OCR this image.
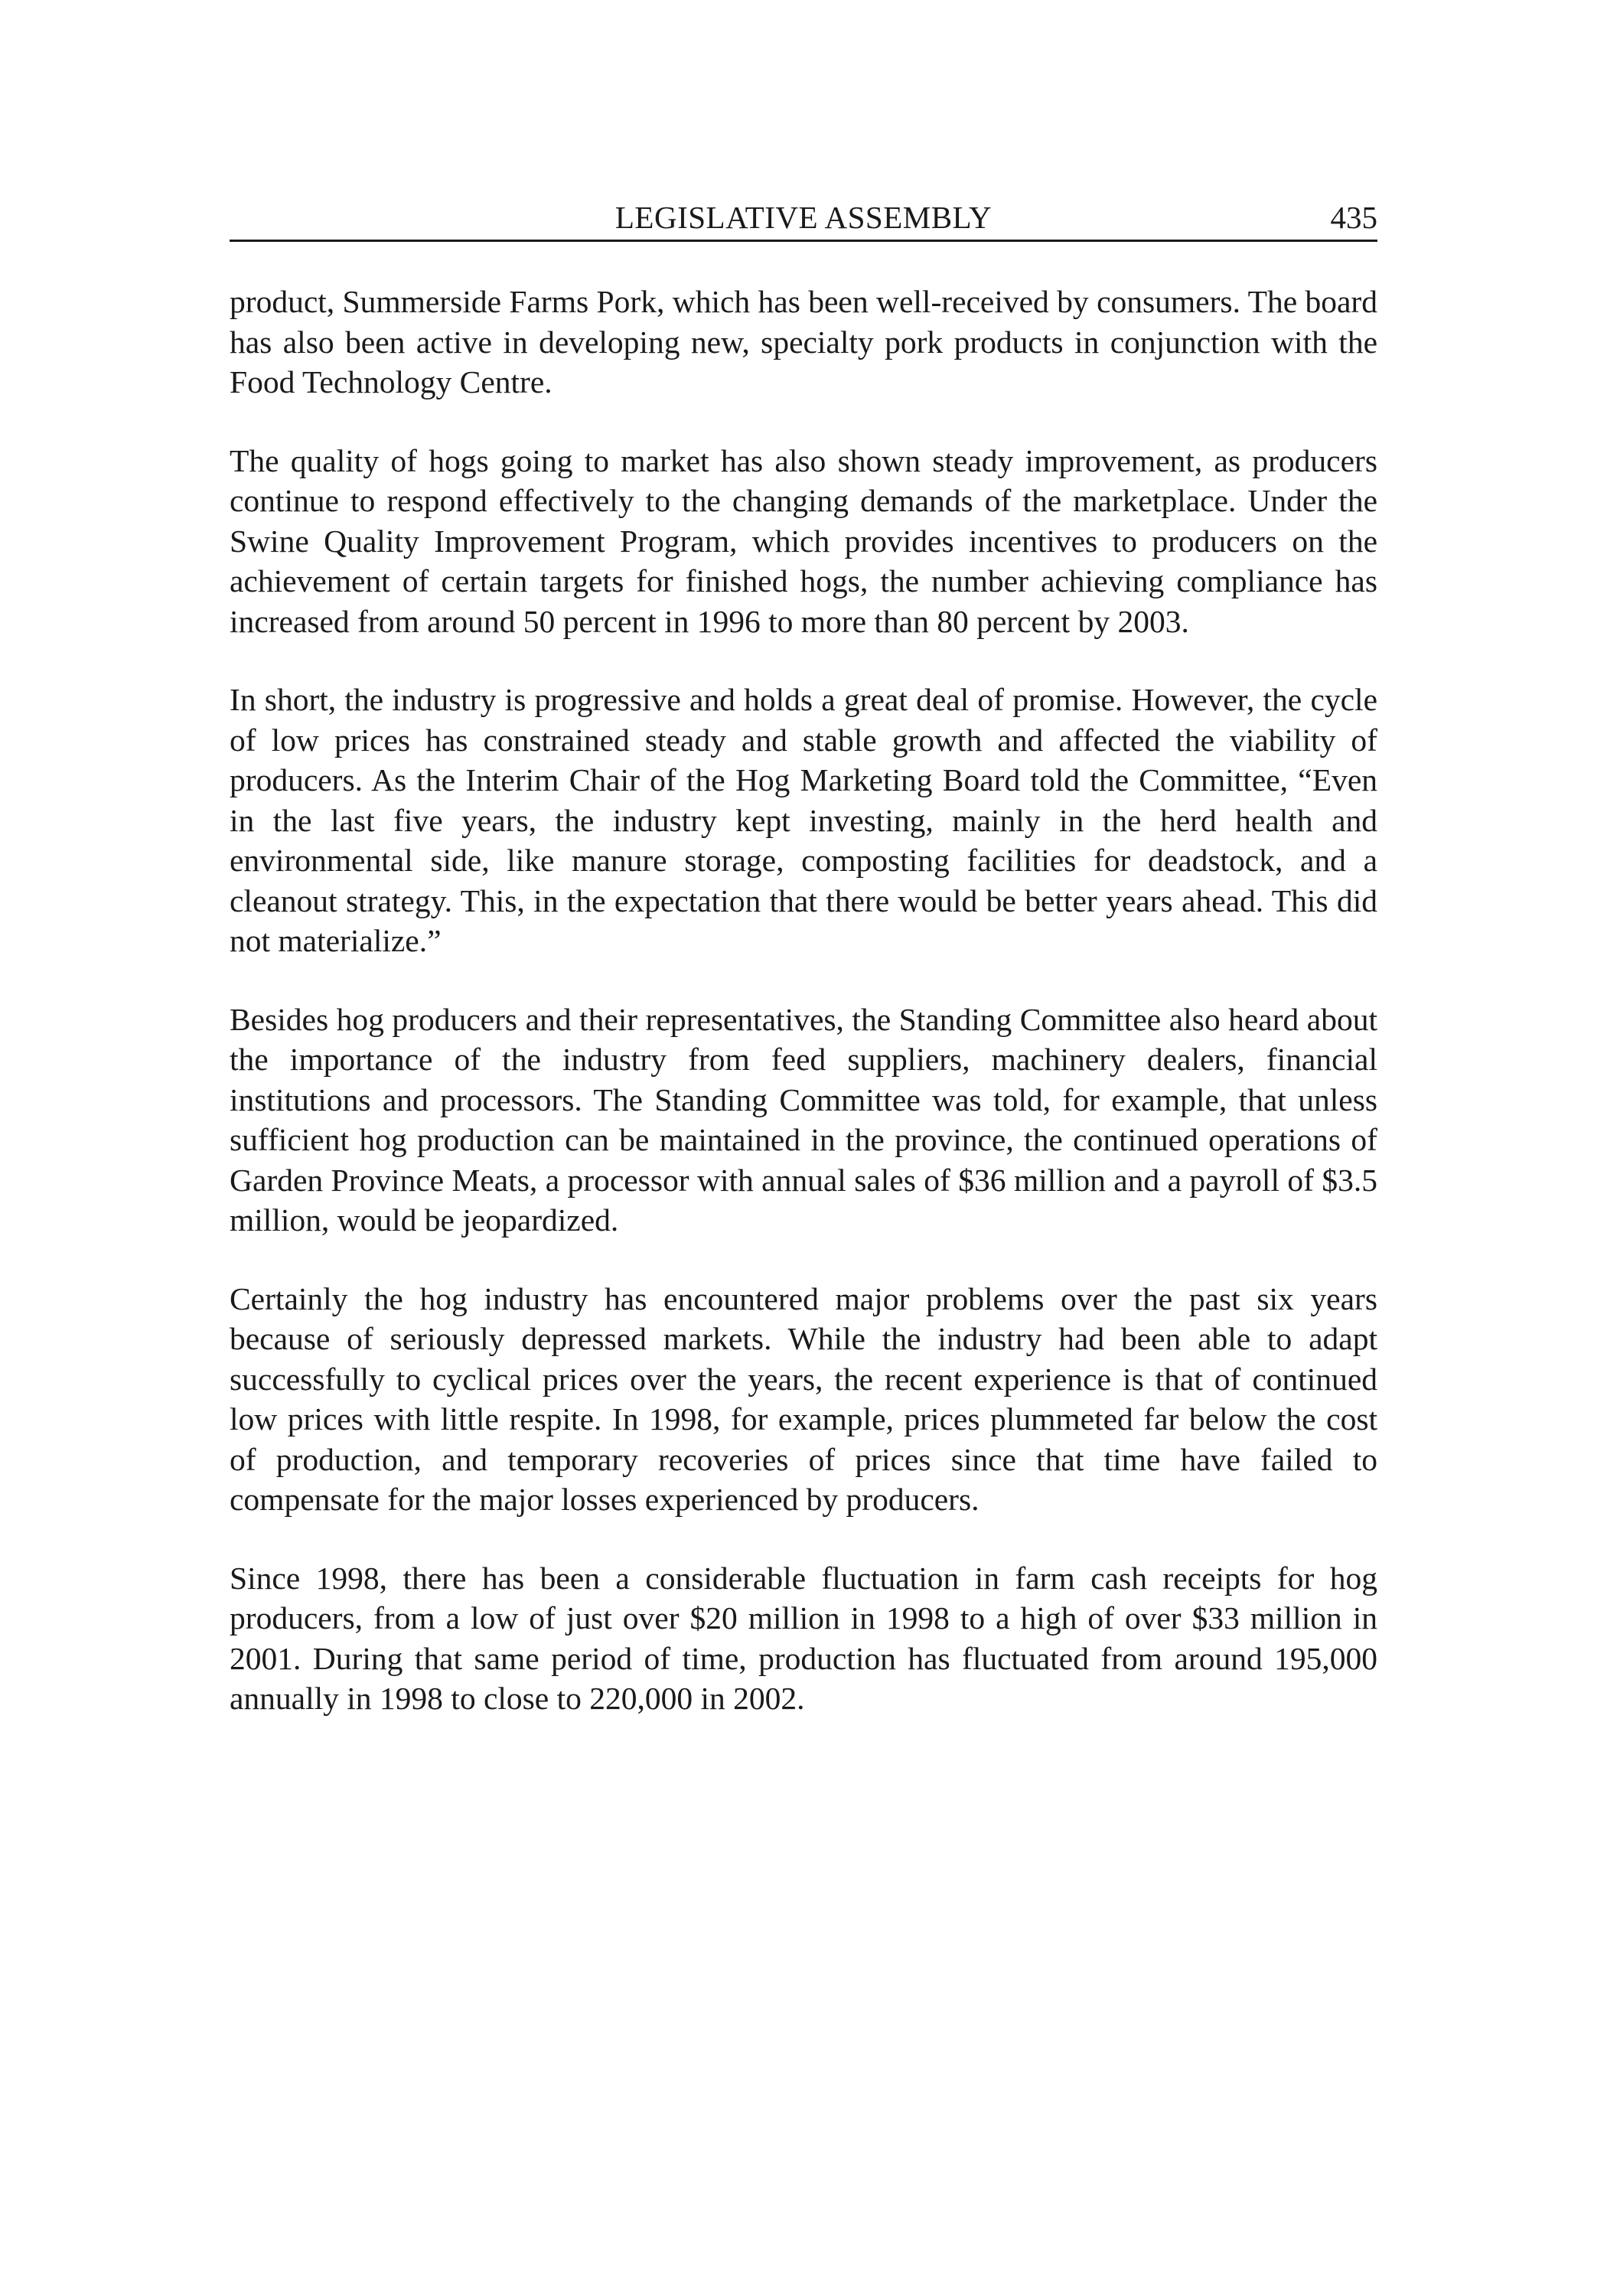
LEGISLATIVE ASSEMBLY	435

product, Summerside Farms Pork, which has been well-received by consumers. The board has also been active in developing new, specialty pork products in conjunction with the Food Technology Centre.

The quality of hogs going to market has also shown steady improvement, as producers continue to respond effectively to the changing demands of the marketplace. Under the Swine Quality Improvement Program, which provides incentives to producers on the achievement of certain targets for finished hogs, the number achieving compliance has increased from around 50 percent in 1996 to more than 80 percent by 2003.

In short, the industry is progressive and holds a great deal of promise. However, the cycle of low prices has constrained steady and stable growth and affected the viability of producers. As the Interim Chair of the Hog Marketing Board told the Committee, “Even in the last five years, the industry kept investing, mainly in the herd health and environmental side, like manure storage, composting facilities for deadstock, and a cleanout strategy. This, in the expectation that there would be better years ahead. This did not materialize.”

Besides hog producers and their representatives, the Standing Committee also heard about the importance of the industry from feed suppliers, machinery dealers, financial institutions and processors. The Standing Committee was told, for example, that unless sufficient hog production can be maintained in the province, the continued operations of Garden Province Meats, a processor with annual sales of $36 million and a payroll of $3.5 million, would be jeopardized.

Certainly the hog industry has encountered major problems over the past six years because of seriously depressed markets. While the industry had been able to adapt successfully to cyclical prices over the years, the recent experience is that of continued low prices with little respite. In 1998, for example, prices plummeted far below the cost of production, and temporary recoveries of prices since that time have failed to compensate for the major losses experienced by producers.

Since 1998, there has been a considerable fluctuation in farm cash receipts for hog producers, from a low of just over $20 million in 1998 to a high of over $33 million in 2001. During that same period of time, production has fluctuated from around 195,000 annually in 1998 to close to 220,000 in 2002.
